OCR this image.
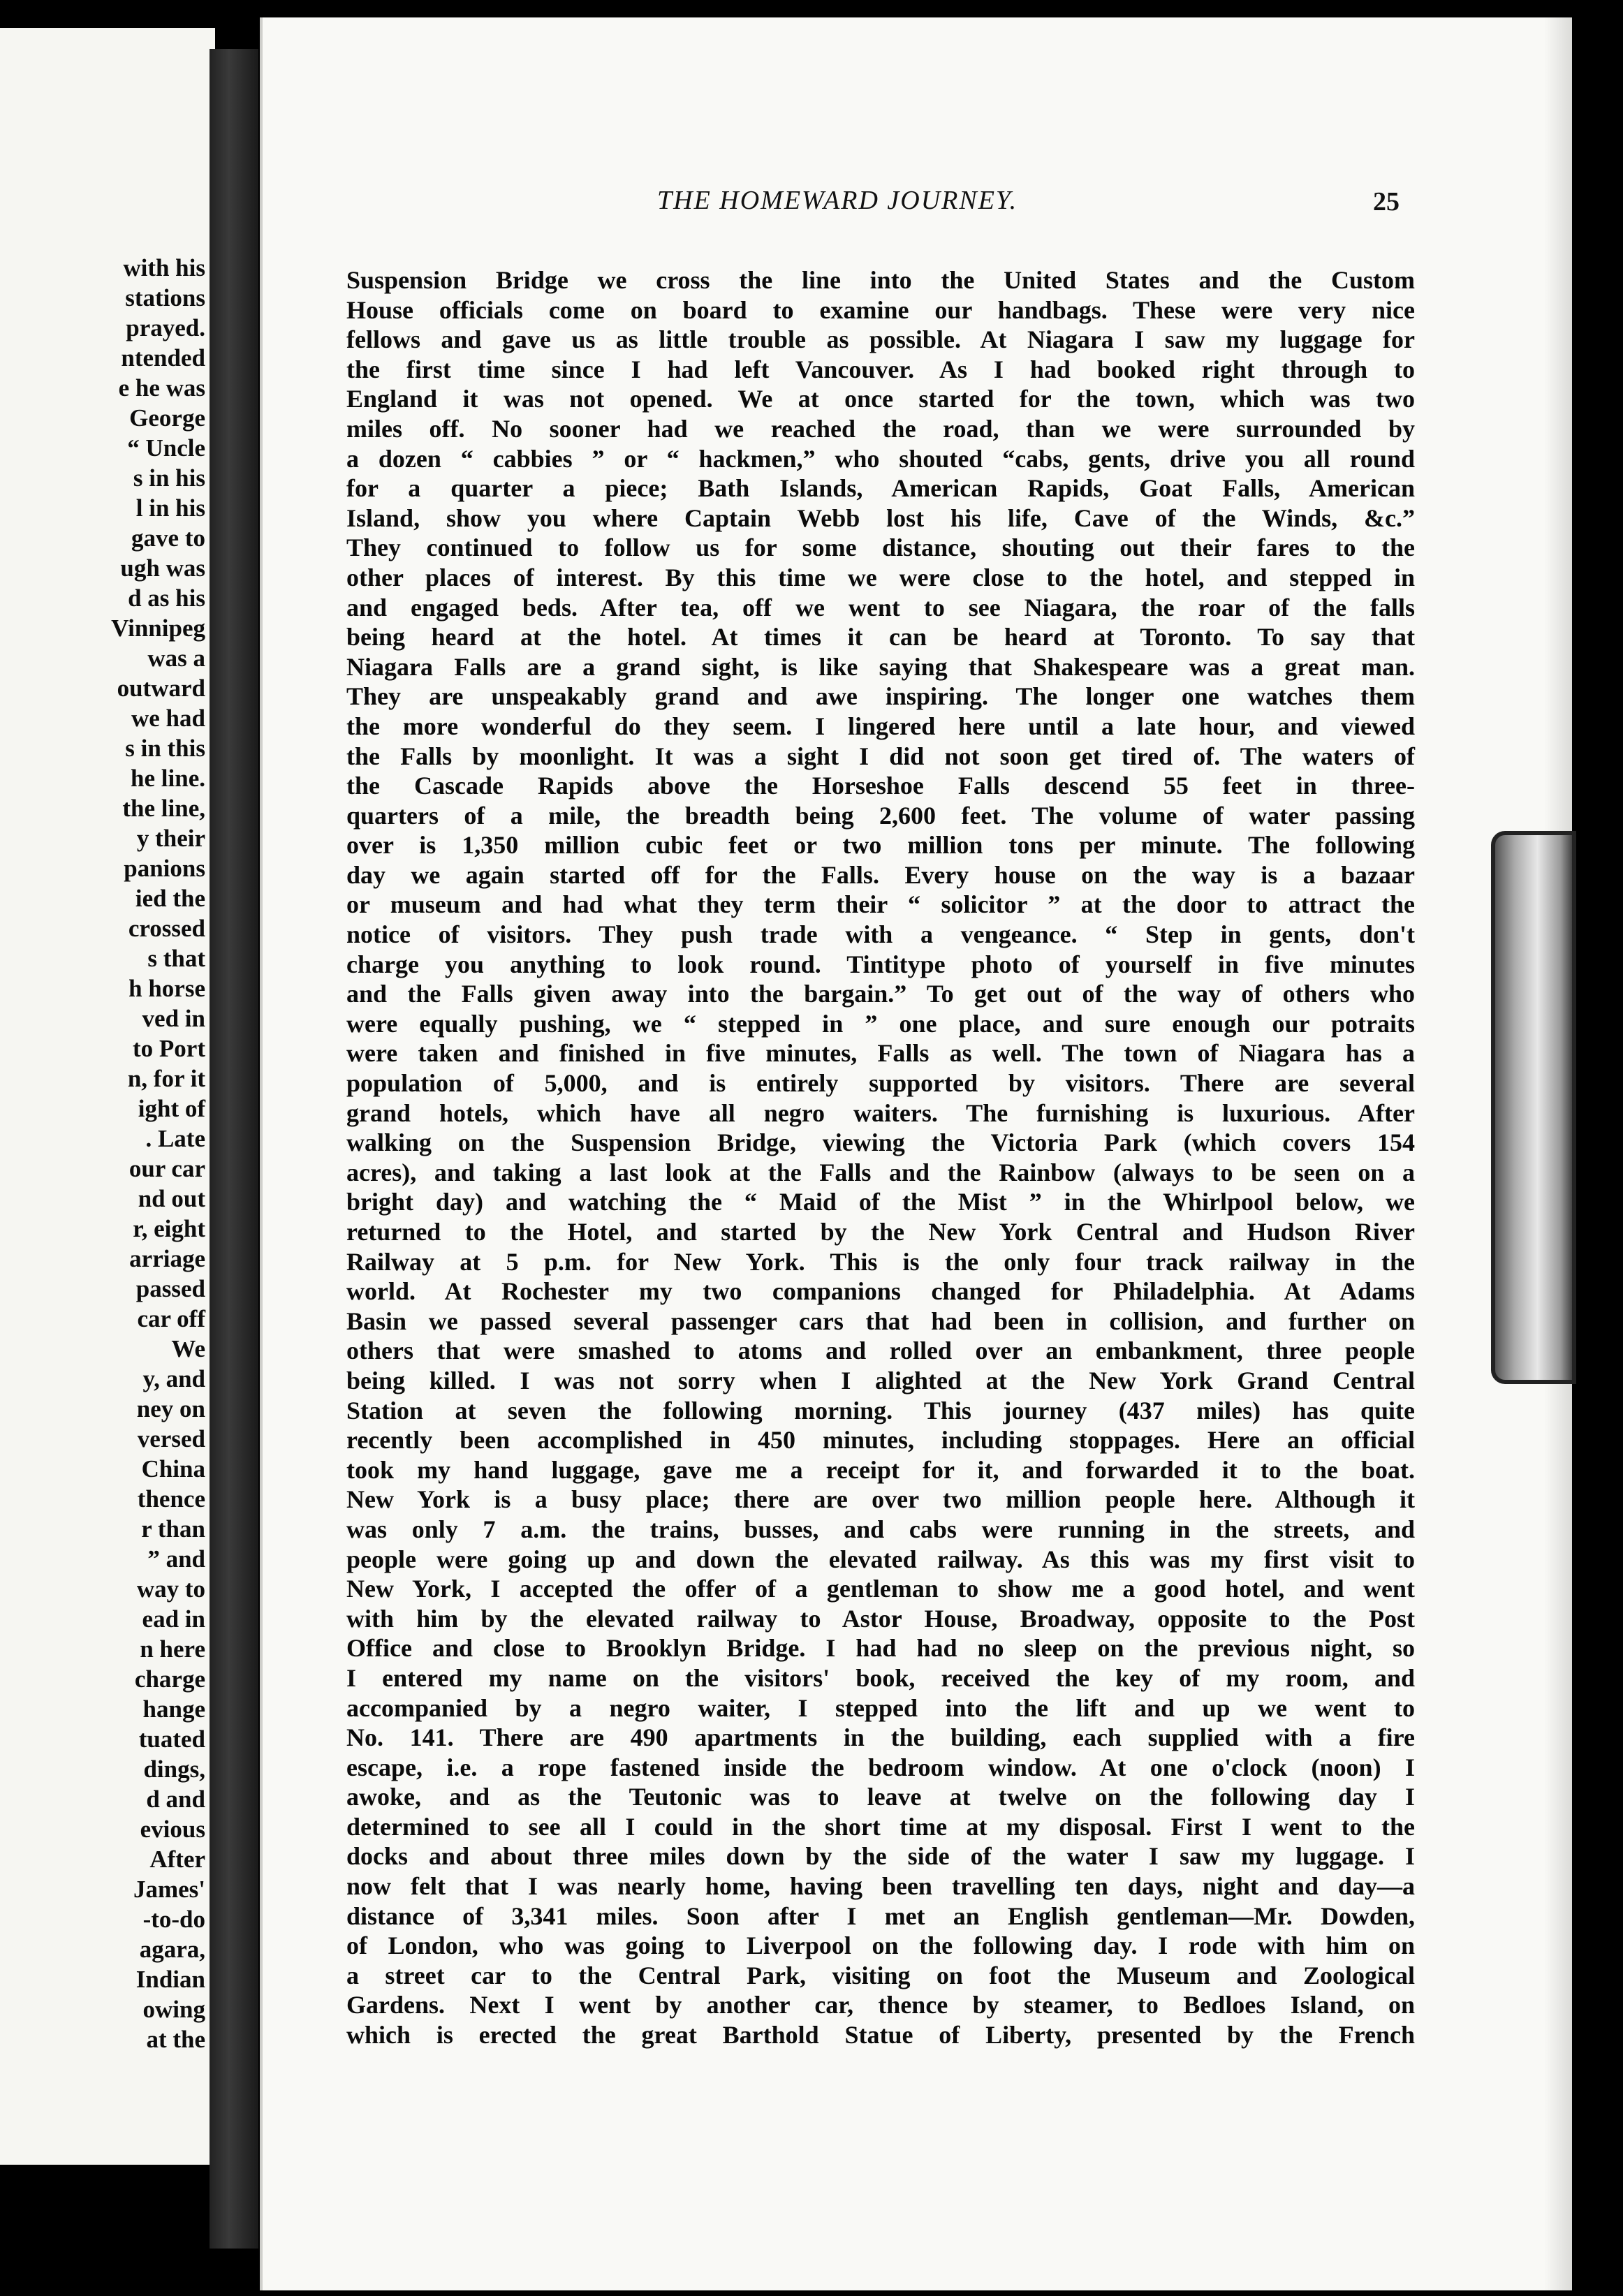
with his
stations
prayed.
ntended
e he was
George
“ Uncle
s in his
l in his
gave to
ugh was
d as his
Vinnipeg
was a
outward
we had
s in this
he line.
the line,
y their
panions
ied the
crossed
s that
h horse
ved in
to Port
n, for it
ight of
. Late
our car
nd out
r, eight
arriage
passed
car off
We
y, and
ney on
versed
China
thence
r than
” and
way to
ead in
n here
charge
hange
tuated
dings,
d and
evious
After
James'
-to-do
agara,
Indian
owing
at the
THE HOMEWARD JOURNEY.	25
Suspension Bridge we cross the line into the United States and the Custom
House officials come on board to examine our handbags. These were very nice
fellows and gave us as little trouble as possible. At Niagara I saw my luggage for
the first time since I had left Vancouver. As I had booked right through to
England it was not opened. We at once started for the town, which was two
miles off. No sooner had we reached the road, than we were surrounded by
a dozen “ cabbies ” or “ hackmen,” who shouted “cabs, gents, drive you all round
for a quarter a piece; Bath Islands, American Rapids, Goat Falls, American
Island, show you where Captain Webb lost his life, Cave of the Winds, &c.”
They continued to follow us for some distance, shouting out their fares to the
other places of interest. By this time we were close to the hotel, and stepped in
and engaged beds. After tea, off we went to see Niagara, the roar of the falls
being heard at the hotel. At times it can be heard at Toronto. To say that
Niagara Falls are a grand sight, is like saying that Shakespeare was a great man.
They are unspeakably grand and awe inspiring. The longer one watches them
the more wonderful do they seem. I lingered here until a late hour, and viewed
the Falls by moonlight. It was a sight I did not soon get tired of. The waters of
the Cascade Rapids above the Horseshoe Falls descend 55 feet in three-
quarters of a mile, the breadth being 2,600 feet. The volume of water passing
over is 1,350 million cubic feet or two million tons per minute. The following
day we again started off for the Falls. Every house on the way is a bazaar
or museum and had what they term their “ solicitor ” at the door to attract the
notice of visitors. They push trade with a vengeance. “ Step in gents, don't
charge you anything to look round. Tintitype photo of yourself in five minutes
and the Falls given away into the bargain.” To get out of the way of others who
were equally pushing, we “ stepped in ” one place, and sure enough our potraits
were taken and finished in five minutes, Falls as well. The town of Niagara has a
population of 5,000, and is entirely supported by visitors. There are several
grand hotels, which have all negro waiters. The furnishing is luxurious. After
walking on the Suspension Bridge, viewing the Victoria Park (which covers 154
acres), and taking a last look at the Falls and the Rainbow (always to be seen on a
bright day) and watching the “ Maid of the Mist ” in the Whirlpool below, we
returned to the Hotel, and started by the New York Central and Hudson River
Railway at 5 p.m. for New York. This is the only four track railway in the
world. At Rochester my two companions changed for Philadelphia. At Adams
Basin we passed several passenger cars that had been in collision, and further on
others that were smashed to atoms and rolled over an embankment, three people
being killed. I was not sorry when I alighted at the New York Grand Central
Station at seven the following morning. This journey (437 miles) has quite
recently been accomplished in 450 minutes, including stoppages. Here an official
took my hand luggage, gave me a receipt for it, and forwarded it to the boat.
New York is a busy place; there are over two million people here. Although it
was only 7 a.m. the trains, busses, and cabs were running in the streets, and
people were going up and down the elevated railway. As this was my first visit to
New York, I accepted the offer of a gentleman to show me a good hotel, and went
with him by the elevated railway to Astor House, Broadway, opposite to the Post
Office and close to Brooklyn Bridge. I had had no sleep on the previous night, so
I entered my name on the visitors' book, received the key of my room, and
accompanied by a negro waiter, I stepped into the lift and up we went to
No. 141. There are 490 apartments in the building, each supplied with a fire
escape, i.e. a rope fastened inside the bedroom window. At one o'clock (noon) I
awoke, and as the Teutonic was to leave at twelve on the following day I
determined to see all I could in the short time at my disposal. First I went to the
docks and about three miles down by the side of the water I saw my luggage. I
now felt that I was nearly home, having been travelling ten days, night and day—a
distance of 3,341 miles. Soon after I met an English gentleman—Mr. Dowden,
of London, who was going to Liverpool on the following day. I rode with him on
a street car to the Central Park, visiting on foot the Museum and Zoological
Gardens. Next I went by another car, thence by steamer, to Bedloes Island, on
which is erected the great Barthold Statue of Liberty, presented by the French
